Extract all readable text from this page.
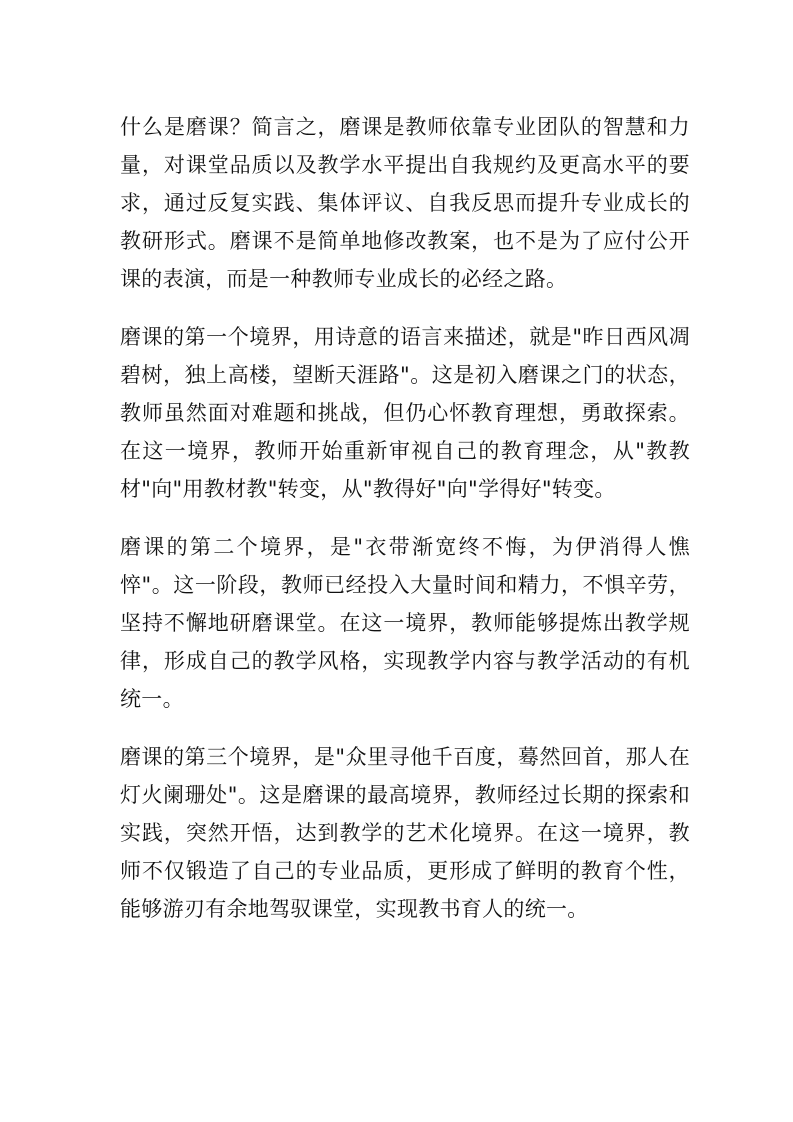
什么是磨课？简言之，磨课是教师依靠专业团队的智慧和力量，对课堂品质以及教学水平提出自我规约及更高水平的要求，通过反复实践、集体评议、自我反思而提升专业成长的教研形式。磨课不是简单地修改教案，也不是为了应付公开课的表演，而是一种教师专业成长的必经之路。

磨课的第一个境界，用诗意的语言来描述，就是"昨日西风凋碧树，独上高楼，望断天涯路"。这是初入磨课之门的状态，教师虽然面对难题和挑战，但仍心怀教育理想，勇敢探索。在这一境界，教师开始重新审视自己的教育理念，从"教教材"向"用教材教"转变，从"教得好"向"学得好"转变。

磨课的第二个境界，是"衣带渐宽终不悔，为伊消得人憔悴"。这一阶段，教师已经投入大量时间和精力，不惧辛劳，坚持不懈地研磨课堂。在这一境界，教师能够提炼出教学规律，形成自己的教学风格，实现教学内容与教学活动的有机统一。

磨课的第三个境界，是"众里寻他千百度，蓦然回首，那人在灯火阑珊处"。这是磨课的最高境界，教师经过长期的探索和实践，突然开悟，达到教学的艺术化境界。在这一境界，教师不仅锻造了自己的专业品质，更形成了鲜明的教育个性，能够游刃有余地驾驭课堂，实现教书育人的统一。
